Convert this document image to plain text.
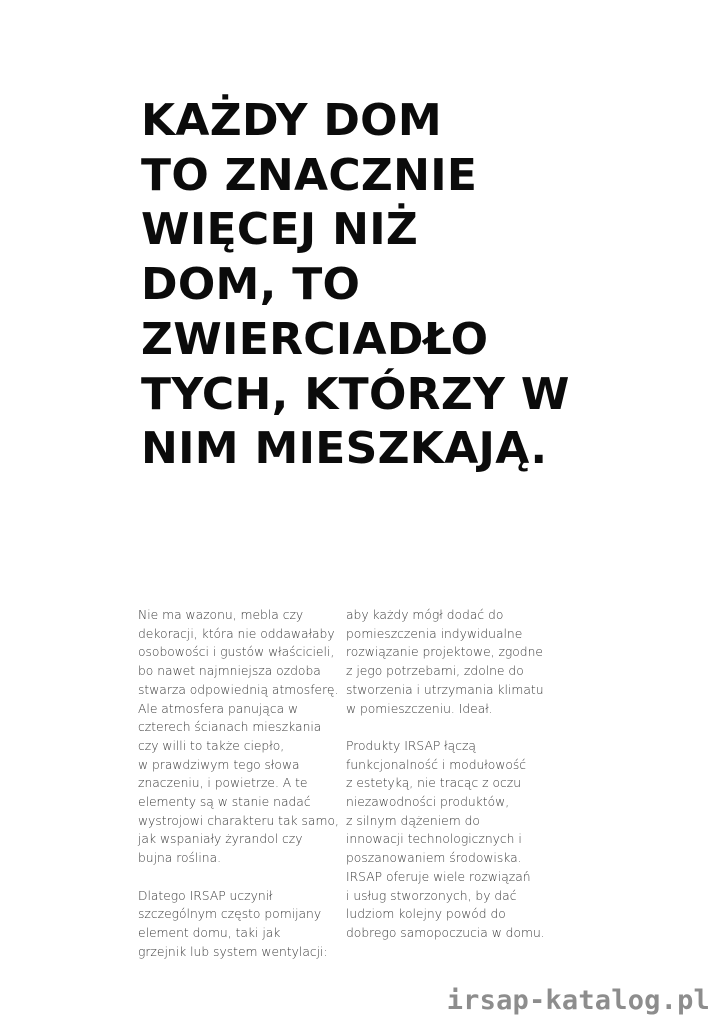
KAŻDY DOM
TO ZNACZNIE
WIĘCEJ NIŻ
DOM, TO
ZWIERCIADŁO
TYCH, KTÓRZY W
NIM MIESZKAJĄ.

Nie ma wazonu, mebla czy
dekoracji, która nie oddawałaby
osobowości i gustów właścicieli,
bo nawet najmniejsza ozdoba
stwarza odpowiednią atmosferę.
Ale atmosfera panująca w
czterech ścianach mieszkania
czy willi to także ciepło,
w prawdziwym tego słowa
znaczeniu, i powietrze. A te
elementy są w stanie nadać
wystrojowi charakteru tak samo,
jak wspaniały żyrandol czy
bujna roślina.

Dlatego IRSAP uczynił
szczególnym często pomijany
element domu, taki jak
grzejnik lub system wentylacji:

aby każdy mógł dodać do
pomieszczenia indywidualne
rozwiązanie projektowe, zgodne
z jego potrzebami, zdolne do
stworzenia i utrzymania klimatu
w pomieszczeniu. Ideał.

Produkty IRSAP łączą
funkcjonalność i modułowość
z estetyką, nie tracąc z oczu
niezawodności produktów,
z silnym dążeniem do
innowacji technologicznych i
poszanowaniem środowiska.
IRSAP oferuje wiele rozwiązań
i usług stworzonych, by dać
ludziom kolejny powód do
dobrego samopoczucia w domu.

irsap-katalog.pl
